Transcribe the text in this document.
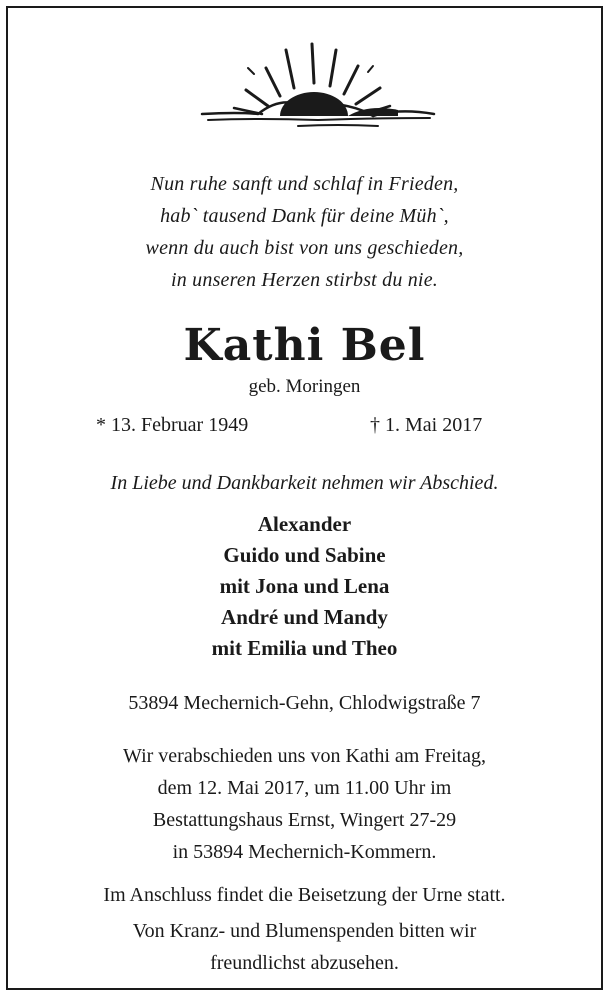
Nun ruhe sanft und schlaf in Frieden,
hab` tausend Dank für deine Müh`,
wenn du auch bist von uns geschieden,
in unseren Herzen stirbst du nie.
Kathi Bel
geb. Moringen
* 13. Februar 1949	† 1. Mai 2017
In Liebe und Dankbarkeit nehmen wir Abschied.
Alexander
Guido und Sabine
mit Jona und Lena
André und Mandy
mit Emilia und Theo
53894 Mechernich-Gehn, Chlodwigstraße 7
Wir verabschieden uns von Kathi am Freitag,
dem 12. Mai 2017, um 11.00 Uhr im
Bestattungshaus Ernst, Wingert 27-29
in 53894 Mechernich-Kommern.
Im Anschluss findet die Beisetzung der Urne statt.
Von Kranz- und Blumenspenden bitten wir
freundlichst abzusehen.
